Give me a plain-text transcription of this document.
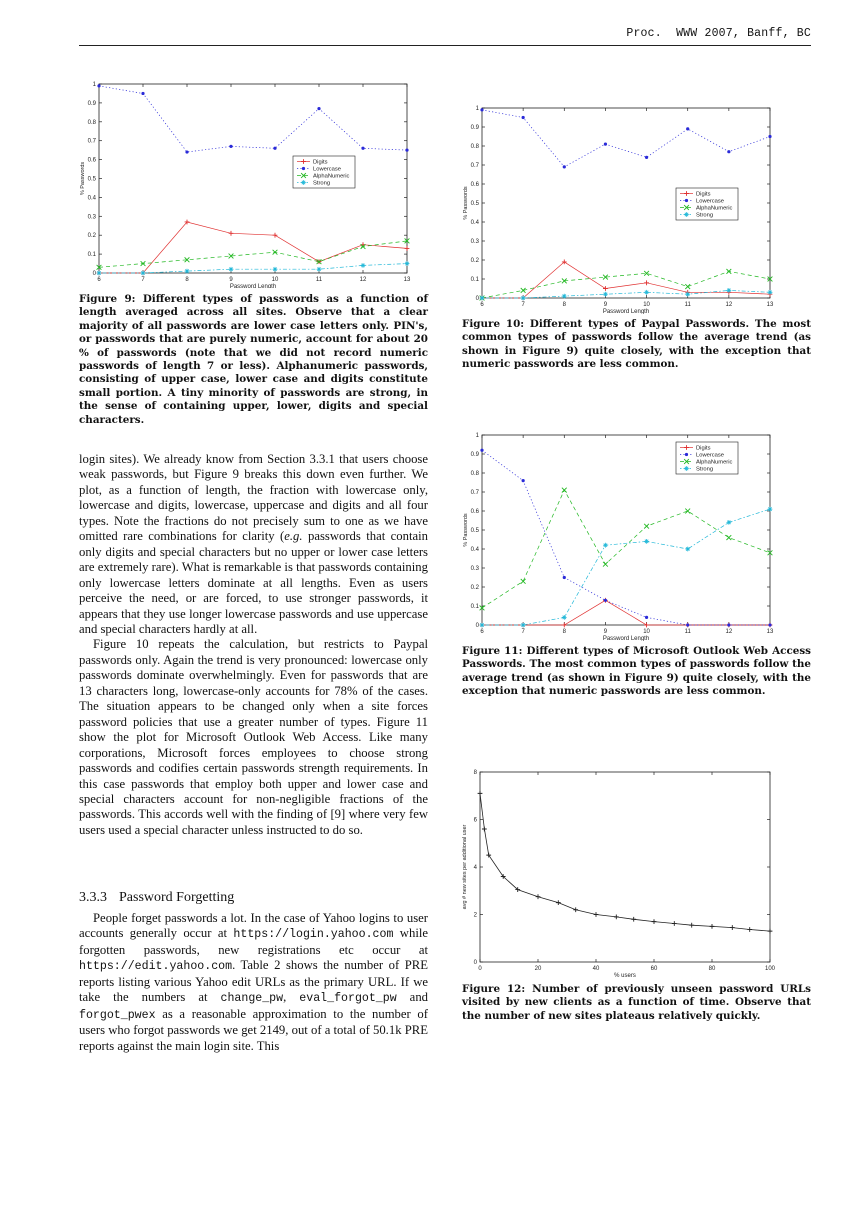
Proc.  WWW 2007, Banff, BC
6	7	8	9	10	11	12	13
0
0.1
0.2
0.3
0.4
0.5
0.6
0.7
0.8
0.9
1
Password Length
% Passwords	Digits
Lowercase
AlphaNumeric
Strong
6	7	8	9	10	11	12	13
0
0.1
0.2
0.3
0.4
0.5
0.6
0.7
0.8
0.9
1
Password Length
% Passwords	Digits
Lowercase
AlphaNumeric
Strong
6	7	8	9	10	11	12	13
0
0.1
0.2
0.3
0.4
0.5
0.6
0.7
0.8
0.9
1
Password Length
% Passwords
Digits
Lowercase
AlphaNumeric
Strong
0	20	40	60	80	100
0
2
4
6
8
% users
avg # new sites per additional user
Figure 9: Different types of passwords as a function of length averaged across all sites. Observe that a clear majority of all passwords are lower case letters only. PIN's, or passwords that are purely numeric, account for about 20 % of passwords (note that we did not record numeric passwords of length 7 or less). Alphanumeric passwords, consisting of upper case, lower case and digits constitute small portion. A tiny minority of passwords are strong, in the sense of containing upper, lower, digits and special characters.
Figure 10: Different types of Paypal Passwords. The most common types of passwords follow the average trend (as shown in Figure 9) quite closely, with the exception that numeric passwords are less common.
Figure 11: Different types of Microsoft Outlook Web Access Passwords. The most common types of passwords follow the average trend (as shown in Figure 9) quite closely, with the exception that numeric passwords are less common.
Figure 12: Number of previously unseen password URLs visited by new clients as a function of time. Observe that the number of new sites plateaus relatively quickly.

login sites). We already know from Section 3.3.1 that users choose weak passwords, but Figure 9 breaks this down even further. We plot, as a function of length, the fraction with lowercase only, lowercase and digits, lowercase, uppercase and digits and all four types. Note the fractions do not precisely sum to one as we have omitted rare combinations for clarity (e.g. passwords that contain only digits and special characters but no upper or lower case letters are extremely rare). What is remarkable is that passwords containing only lowercase letters dominate at all lengths. Even as users perceive the need, or are forced, to use stronger passwords, it appears that they use longer lowercase passwords and use uppercase and special characters hardly at all.

Figure 10 repeats the calculation, but restricts to Paypal passwords only. Again the trend is very pronounced: lowercase only passwords dominate overwhelmingly. Even for passwords that are 13 characters long, lowercase-only accounts for 78% of the cases. The situation appears to be changed only when a site forces password policies that use a greater number of types. Figure 11 show the plot for Microsoft Outlook Web Access. Like many corporations, Microsoft forces employees to choose strong passwords and codifies certain passwords strength requirements. In this case passwords that employ both upper and lower case and special characters account for non-negligible fractions of the passwords. This accords well with the finding of [9] where very few users used a special character unless instructed to do so.

3.3.3 Password Forgetting

People forget passwords a lot. In the case of Yahoo logins to user accounts generally occur at https://login.yahoo.com while forgotten passwords, new registrations etc occur at https://edit.yahoo.com. Table 2 shows the number of PRE reports listing various Yahoo edit URLs as the primary URL. If we take the numbers at change_pw, eval_forgot_pw and forgot_pwex as a reasonable approximation to the number of users who forgot passwords we get 2149, out of a total of 50.1k PRE reports against the main login site. This
